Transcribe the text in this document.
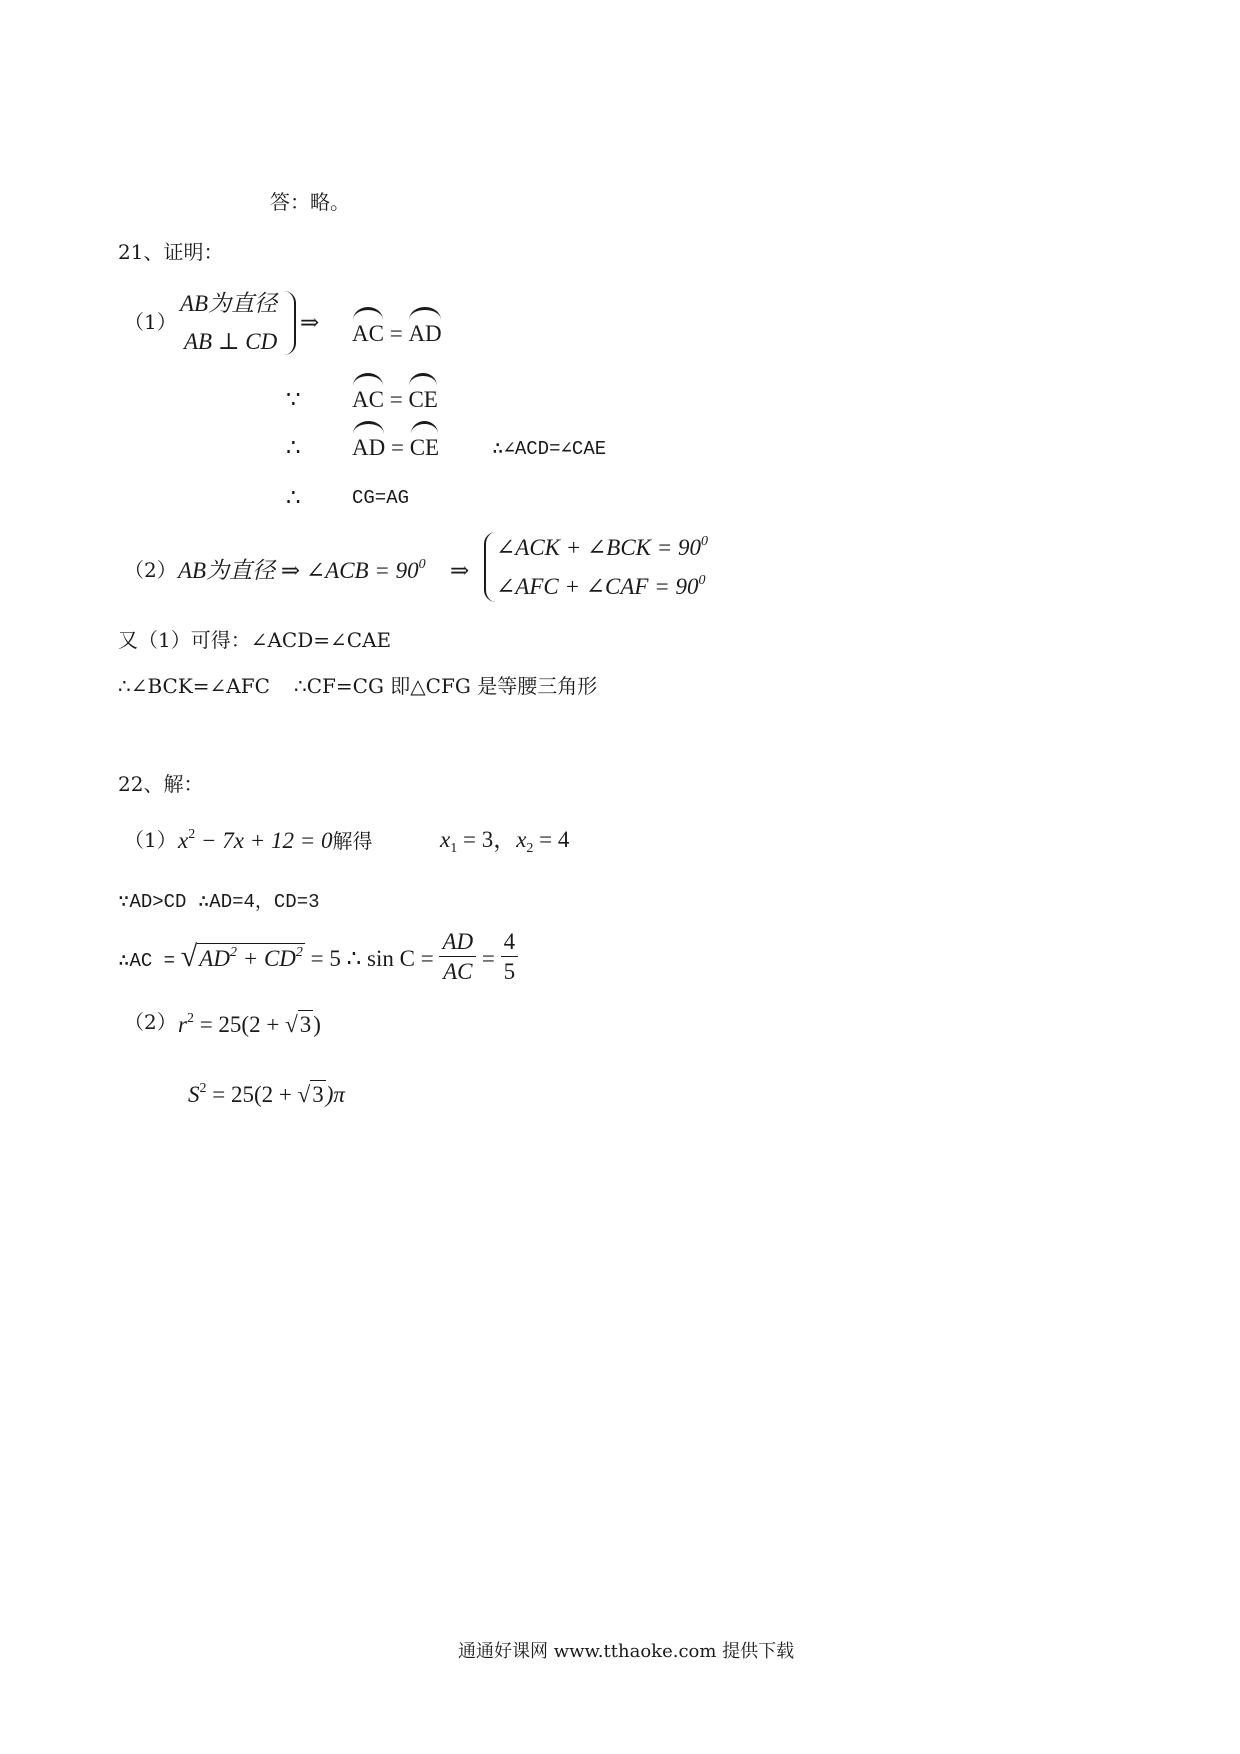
答：略。
21、证明：
（1）
AB为直径
AB ⊥ CD
⇒ AC = AD
∵ AC = CE
∴ AD = CE	∴∠ACD=∠CAE
∴	CG=AG
（2） AB为直径 ⇒ ∠ACB = $90^0$ ⇒
∠ACK + ∠BCK = $90^0$
∠AFC + ∠CAF = $90^0$
又（1）可得：∠ACD=∠CAE
∴∠BCK=∠AFC ∴CF=CG 即△CFG 是等腰三角形
22、解：
（1） $x^2 - 7x + 12 = 0$解得	$x_1 = 3$，$x_2 = 4$
∵AD>CD ∴AD=4，CD=3
∴AC = $√AD^2 + CD^2 = 5$ ∴ $\sin C = \frac{AD}{AC} = \frac{4}{5}$
（2） $r^2 = 25(2 + √3)$
$S^2 = 25(2 + √3)\pi$
通通好课网 www.tthaoke.com 提供下载
